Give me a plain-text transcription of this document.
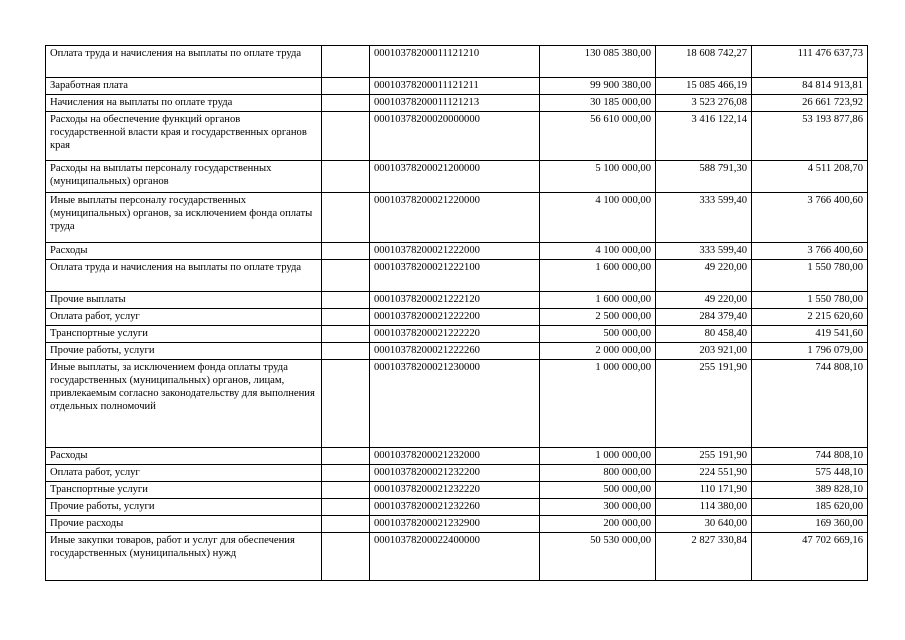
Оплата труда и начисления на выплаты по оплате труда		00010378200011121210	130 085 380,00	18 608 742,27	111 476 637,73
Заработная плата		00010378200011121211	99 900 380,00	15 085 466,19	84 814 913,81
Начисления на выплаты по оплате труда		00010378200011121213	30 185 000,00	3 523 276,08	26 661 723,92
Расходы на обеспечение функций органов государственной власти края и государственных органов края		00010378200020000000	56 610 000,00	3 416 122,14	53 193 877,86
Расходы на выплаты персоналу государственных (муниципальных) органов		00010378200021200000	5 100 000,00	588 791,30	4 511 208,70
Иные выплаты персоналу государственных (муниципальных) органов, за исключением фонда оплаты труда		00010378200021220000	4 100 000,00	333 599,40	3 766 400,60
Расходы		00010378200021222000	4 100 000,00	333 599,40	3 766 400,60
Оплата труда и начисления на выплаты по оплате труда		00010378200021222100	1 600 000,00	49 220,00	1 550 780,00
Прочие выплаты		00010378200021222120	1 600 000,00	49 220,00	1 550 780,00
Оплата работ, услуг		00010378200021222200	2 500 000,00	284 379,40	2 215 620,60
Транспортные услуги		00010378200021222220	500 000,00	80 458,40	419 541,60
Прочие работы, услуги		00010378200021222260	2 000 000,00	203 921,00	1 796 079,00
Иные выплаты, за исключением фонда оплаты труда государственных (муниципальных) органов, лицам, привлекаемым согласно законодательству для выполнения отдельных полномочий		00010378200021230000	1 000 000,00	255 191,90	744 808,10
Расходы		00010378200021232000	1 000 000,00	255 191,90	744 808,10
Оплата работ, услуг		00010378200021232200	800 000,00	224 551,90	575 448,10
Транспортные услуги		00010378200021232220	500 000,00	110 171,90	389 828,10
Прочие работы, услуги		00010378200021232260	300 000,00	114 380,00	185 620,00
Прочие расходы		00010378200021232900	200 000,00	30 640,00	169 360,00
Иные закупки товаров, работ и услуг для обеспечения государственных (муниципальных) нужд		00010378200022400000	50 530 000,00	2 827 330,84	47 702 669,16
